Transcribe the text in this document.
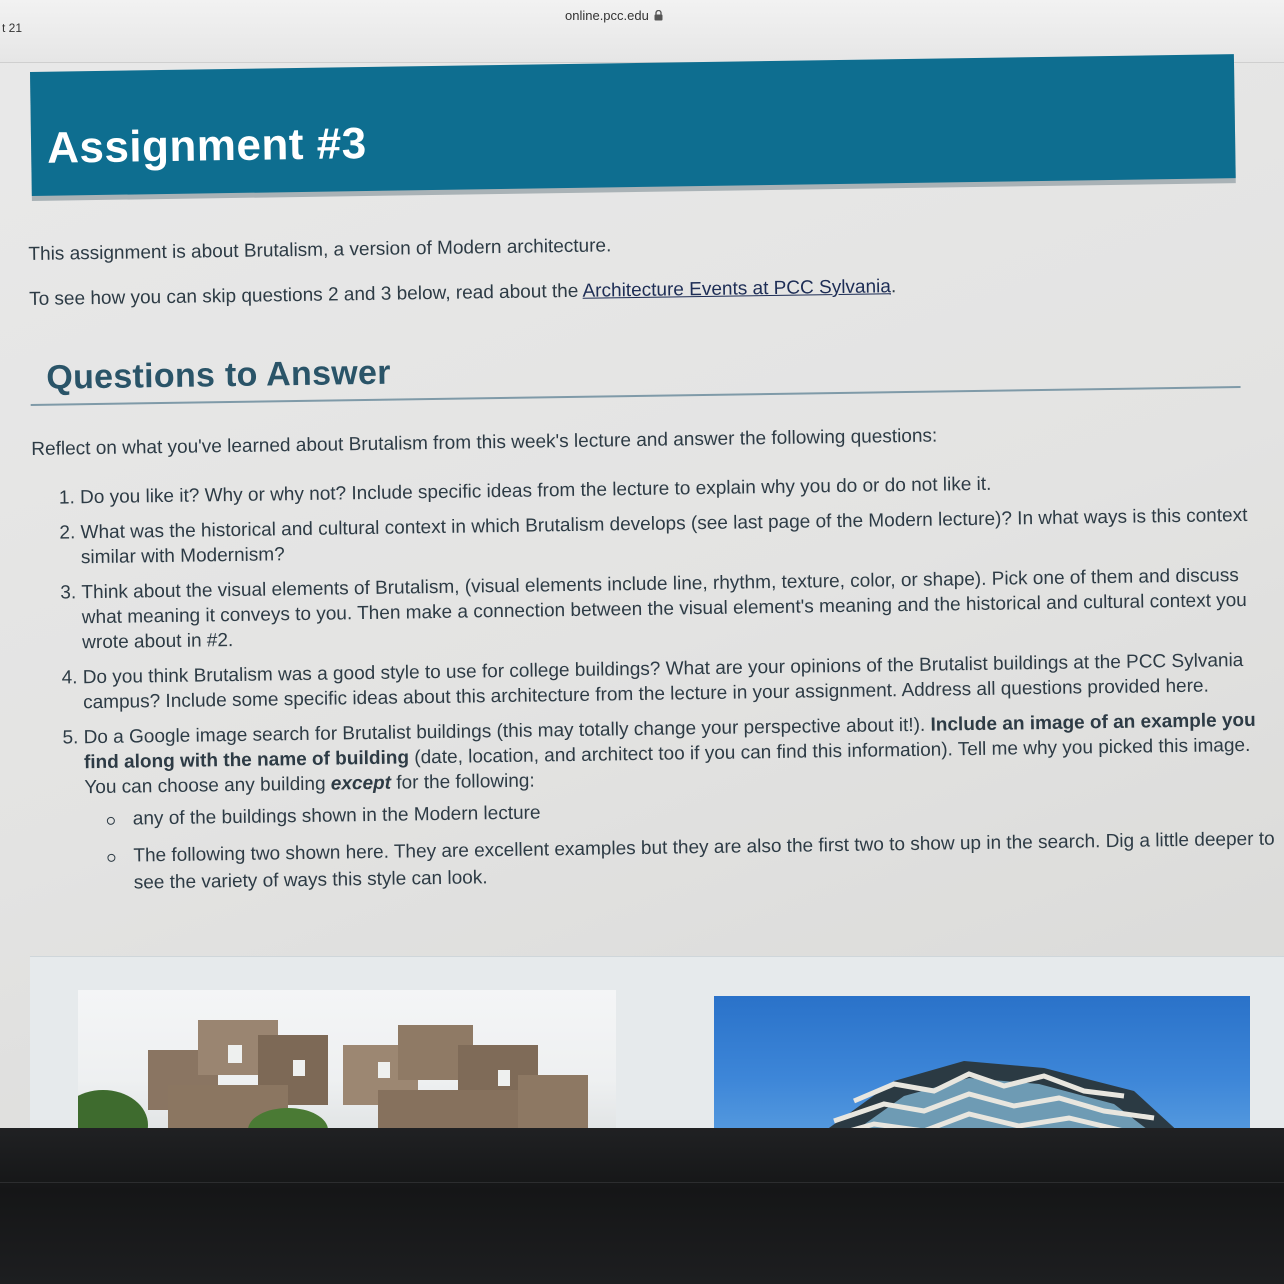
t 21
online.pcc.edu
Assignment #3

This assignment is about Brutalism, a version of Modern architecture.

To see how you can skip questions 2 and 3 below, read about the Architecture Events at PCC Sylvania.

Questions to Answer

Reflect on what you've learned about Brutalism from this week's lecture and answer the following questions:

1. Do you like it? Why or why not? Include specific ideas from the lecture to explain why you do or do not like it.
2. What was the historical and cultural context in which Brutalism develops (see last page of the Modern lecture)? In what ways is this context similar with Modernism?
3. Think about the visual elements of Brutalism, (visual elements include line, rhythm, texture, color, or shape). Pick one of them and discuss what meaning it conveys to you. Then make a connection between the visual element's meaning and the historical and cultural context you wrote about in #2.
4. Do you think Brutalism was a good style to use for college buildings? What are your opinions of the Brutalist buildings at the PCC Sylvania campus? Include some specific ideas about this architecture from the lecture in your assignment. Address all questions provided here.
5. Do a Google image search for Brutalist buildings (this may totally change your perspective about it!). Include an image of an example you find along with the name of building (date, location, and architect too if you can find this information). Tell me why you picked this image. You can choose any building except for the following:
any of the buildings shown in the Modern lecture
The following two shown here. They are excellent examples but they are also the first two to show up in the search. Dig a little deeper to see the variety of ways this style can look.
